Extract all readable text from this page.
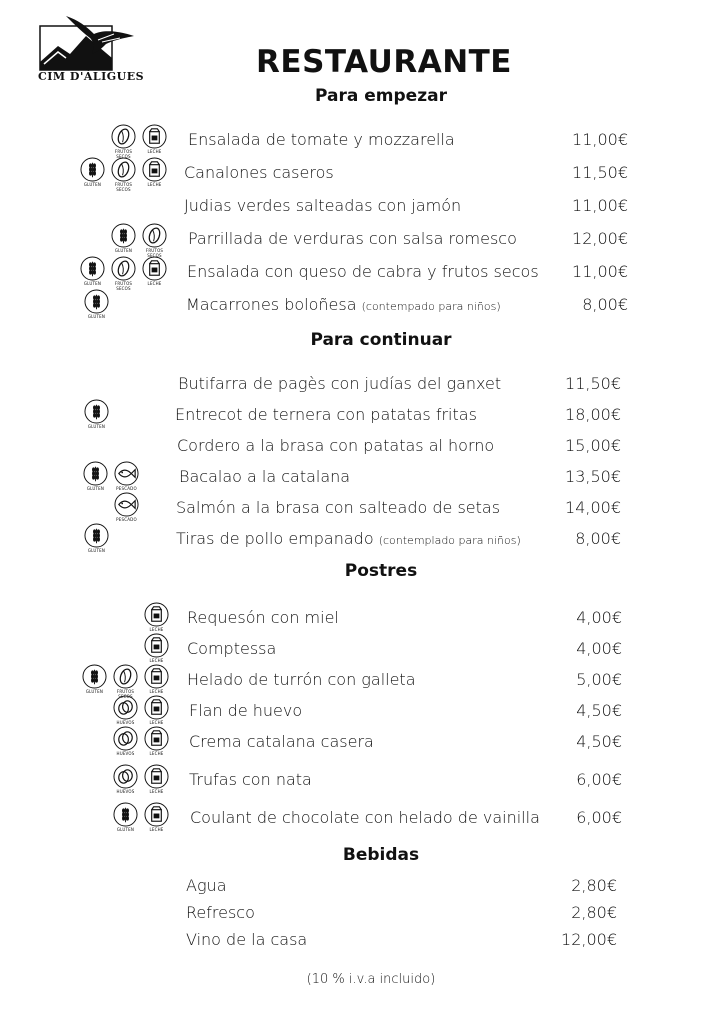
CIM D'ÀLIGUES	RESTAURANTE
Para empezar
Ensalada de tomate y mozzarella	11,00€
FRUTOS SECOS
LECHE
Canalones caseros	11,50€
GLUTEN	FRUTOS SECOS
LECHE
Judias verdes salteadas con jamón	11,00€
Parrillada de verduras con salsa romesco	12,00€
GLUTEN	FRUTOS SECOS
Ensalada con queso de cabra y frutos secos	11,00€
GLUTEN	FRUTOS SECOS
LECHE
Macarrones boloñesa (contempado para niños)	8,00€
GLUTEN
Para continuar
Butifarra de pagès con judías del ganxet	11,50€
Entrecot de ternera con patatas fritas	18,00€
GLUTEN
Cordero a la brasa con patatas al horno	15,00€
Bacalao a la catalana	13,50€
GLUTEN	PESCADO
Salmón a la brasa con salteado de setas	14,00€
PESCADO
Tiras de pollo empanado (contemplado para niños)	8,00€
GLUTEN
Postres
Requesón con miel	4,00€
LECHE
Comptessa	4,00€
LECHE
Helado de turrón con galleta	5,00€
GLUTEN	FRUTOS SECOS
LECHE
Flan de huevo	4,50€
HUEVOS	LECHE
Crema catalana casera	4,50€
HUEVOS	LECHE
Trufas con nata	6,00€
HUEVOS	LECHE
Coulant de chocolate con helado de vainilla	6,00€
GLUTEN	LECHE
Bebidas
Agua	2,80€
Refresco	2,80€
Vino de la casa	12,00€
(10 % i.v.a incluido)
